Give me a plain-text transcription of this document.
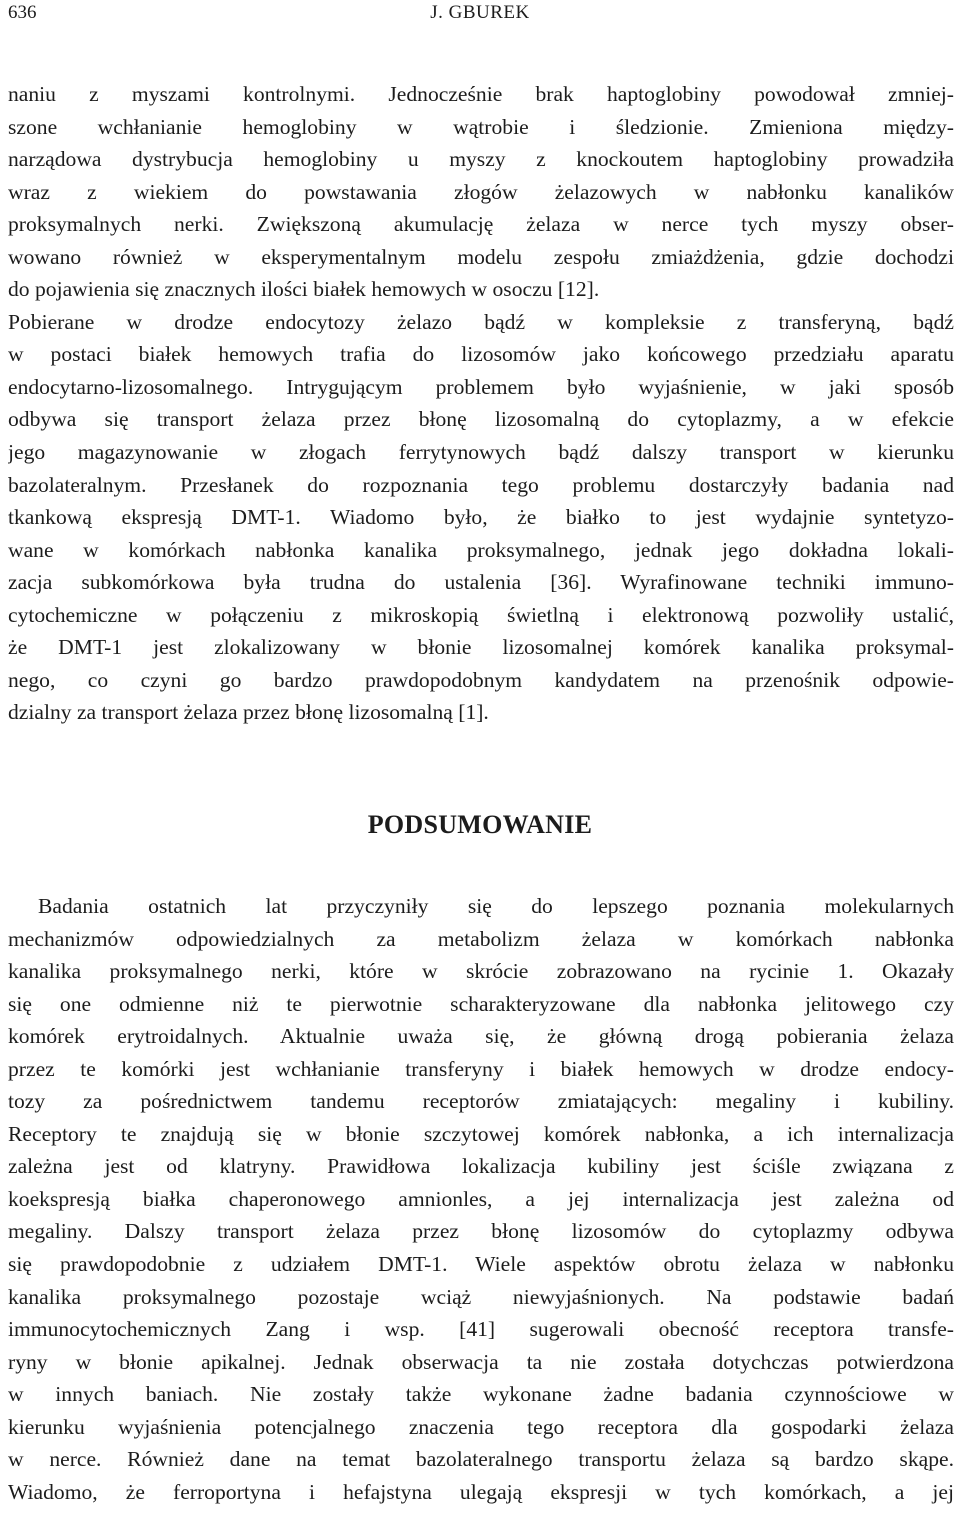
636	J. GBUREK
naniu z myszami kontrolnymi. Jednocześnie brak haptoglobiny powodował zmniej-
szone wchłanianie hemoglobiny w wątrobie i śledzionie. Zmieniona między-
narządowa dystrybucja hemoglobiny u myszy z knockoutem haptoglobiny prowadziła
wraz z wiekiem do powstawania złogów żelazowych w nabłonku kanalików
proksymalnych nerki. Zwiększoną akumulację żelaza w nerce tych myszy obser-
wowano również w eksperymentalnym modelu zespołu zmiażdżenia, gdzie dochodzi
do pojawienia się znacznych ilości białek hemowych w osoczu [12].
Pobierane w drodze endocytozy żelazo bądź w kompleksie z transferyną, bądź
w postaci białek hemowych trafia do lizosomów jako końcowego przedziału aparatu
endocytarno-lizosomalnego. Intrygującym problemem było wyjaśnienie, w jaki sposób
odbywa się transport żelaza przez błonę lizosomalną do cytoplazmy, a w efekcie
jego magazynowanie w złogach ferrytynowych bądź dalszy transport w kierunku
bazolateralnym. Przesłanek do rozpoznania tego problemu dostarczyły badania nad
tkankową ekspresją DMT-1. Wiadomo było, że białko to jest wydajnie syntetyzo-
wane w komórkach nabłonka kanalika proksymalnego, jednak jego dokładna lokali-
zacja subkomórkowa była trudna do ustalenia [36]. Wyrafinowane techniki immuno-
cytochemiczne w połączeniu z mikroskopią świetlną i elektronową pozwoliły ustalić,
że DMT-1 jest zlokalizowany w błonie lizosomalnej komórek kanalika proksymal-
nego, co czyni go bardzo prawdopodobnym kandydatem na przenośnik odpowie-
dzialny za transport żelaza przez błonę lizosomalną [1].
PODSUMOWANIE
Badania ostatnich lat przyczyniły się do lepszego poznania molekularnych
mechanizmów odpowiedzialnych za metabolizm żelaza w komórkach nabłonka
kanalika proksymalnego nerki, które w skrócie zobrazowano na rycinie 1. Okazały
się one odmienne niż te pierwotnie scharakteryzowane dla nabłonka jelitowego czy
komórek erytroidalnych. Aktualnie uważa się, że główną drogą pobierania żelaza
przez te komórki jest wchłanianie transferyny i białek hemowych w drodze endocy-
tozy za pośrednictwem tandemu receptorów zmiatających: megaliny i kubiliny.
Receptory te znajdują się w błonie szczytowej komórek nabłonka, a ich internalizacja
zależna jest od klatryny. Prawidłowa lokalizacja kubiliny jest ściśle związana z
koekspresją białka chaperonowego amnionles, a jej internalizacja jest zależna od
megaliny. Dalszy transport żelaza przez błonę lizosomów do cytoplazmy odbywa
się prawdopodobnie z udziałem DMT-1. Wiele aspektów obrotu żelaza w nabłonku
kanalika proksymalnego pozostaje wciąż niewyjaśnionych. Na podstawie badań
immunocytochemicznych Zang i wsp. [41] sugerowali obecność receptora transfe-
ryny w błonie apikalnej. Jednak obserwacja ta nie została dotychczas potwierdzona
w innych baniach. Nie zostały także wykonane żadne badania czynnościowe w
kierunku wyjaśnienia potencjalnego znaczenia tego receptora dla gospodarki żelaza
w nerce. Również dane na temat bazolateralnego transportu żelaza są bardzo skąpe.
Wiadomo, że ferroportyna i hefajstyna ulegają ekspresji w tych komórkach, a jej
